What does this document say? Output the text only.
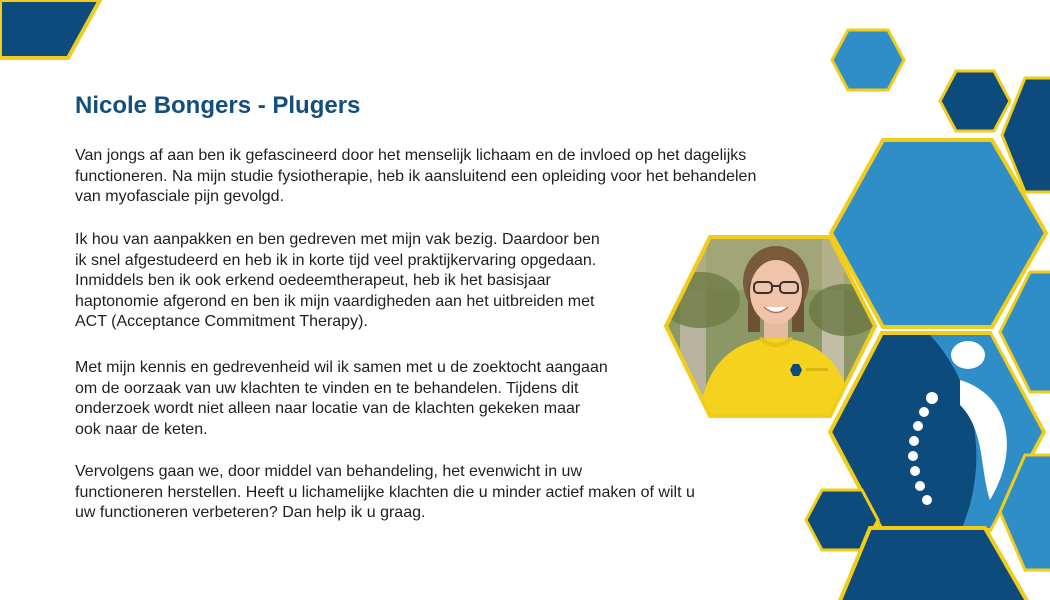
Nicole Bongers - Plugers

Van jongs af aan ben ik gefascineerd door het menselijk lichaam en de invloed op het dagelijks
functioneren. Na mijn studie fysiotherapie, heb ik aansluitend een opleiding voor het behandelen
van myofasciale pijn gevolgd.

Ik hou van aanpakken en ben gedreven met mijn vak bezig. Daardoor ben
ik snel afgestudeerd en heb ik in korte tijd veel praktijkervaring opgedaan.
Inmiddels ben ik ook erkend oedeemtherapeut, heb ik het basisjaar
haptonomie afgerond en ben ik mijn vaardigheden aan het uitbreiden met
ACT (Acceptance Commitment Therapy).

Met mijn kennis en gedrevenheid wil ik samen met u de zoektocht aangaan
om de oorzaak van uw klachten te vinden en te behandelen. Tijdens dit
onderzoek wordt niet alleen naar locatie van de klachten gekeken maar
ook naar de keten.

Vervolgens gaan we, door middel van behandeling, het evenwicht in uw
functioneren herstellen. Heeft u lichamelijke klachten die u minder actief maken of wilt u
uw functioneren verbeteren? Dan help ik u graag.
